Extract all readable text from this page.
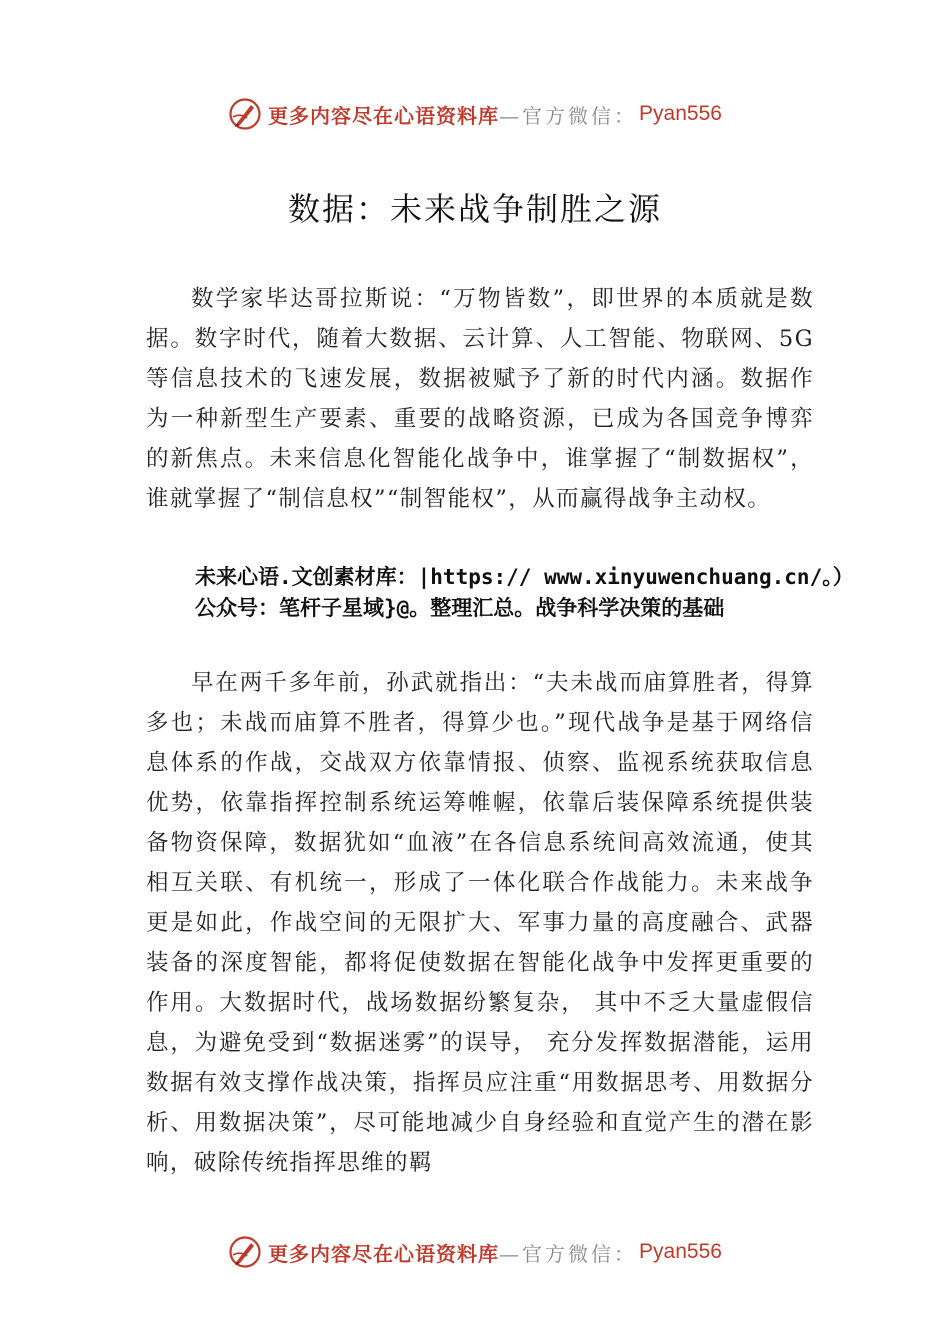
更多内容尽在心语资料库 —官方微信： Pyan556
数据：未来战争制胜之源

数学家毕达哥拉斯说：“万物皆数”，即世界的本质就是数据。数字时代，随着大数据、云计算、人工智能、物联网、5G 等信息技术的飞速发展，数据被赋予了新的时代内涵。数据作为一种新型生产要素、重要的战略资源，已成为各国竞争博弈的新焦点。未来信息化智能化战争中，谁掌握了“制数据权”，谁就掌握了“制信息权”“制智能权”，从而赢得战争主动权。

未来心语.文创素材库：|https:// www.xinyuwenchuang.cn/。）公众号：笔杆子星域}@。整理汇总。战争科学决策的基础

早在两千多年前，孙武就指出：“夫未战而庙算胜者，得算多也；未战而庙算不胜者，得算少也。”现代战争是基于网络信息体系的作战，交战双方依靠情报、侦察、监视系统获取信息优势，依靠指挥控制系统运筹帷幄，依靠后装保障系统提供装备物资保障，数据犹如“血液”在各信息系统间高效流通，使其相互关联、有机统一，形成了一体化联合作战能力。未来战争更是如此，作战空间的无限扩大、军事力量的高度融合、武器装备的深度智能，都将促使数据在智能化战争中发挥更重要的作用。大数据时代，战场数据纷繁复杂， 其中不乏大量虚假信息，为避免受到“数据迷雾”的误导， 充分发挥数据潜能，运用数据有效支撑作战决策，指挥员应注重“用数据思考、用数据分析、用数据决策”，尽可能地减少自身经验和直觉产生的潜在影响，破除传统指挥思维的羁

更多内容尽在心语资料库 —官方微信： Pyan556
